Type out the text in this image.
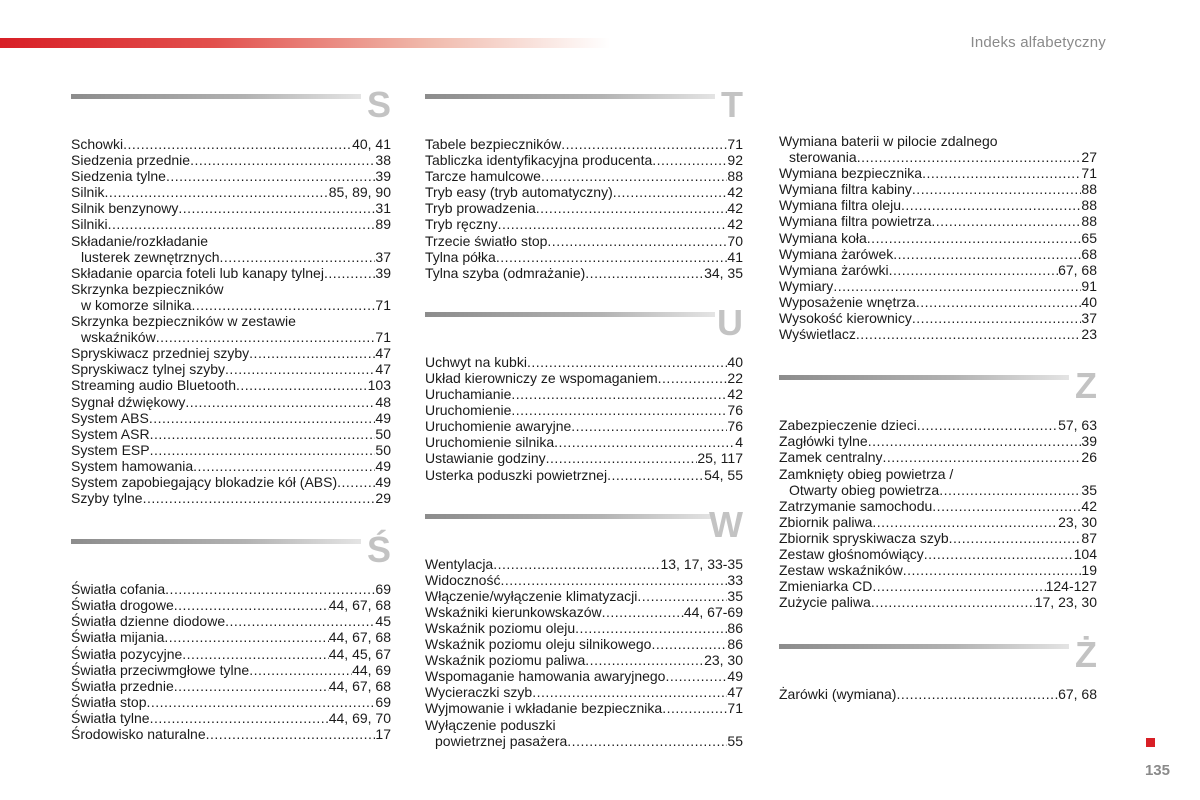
Indeks alfabetyczny
S
Schowki .....	40, 41
Siedzenia przednie .....	38
Siedzenia tylne .....	39
Silnik .....	85, 89, 90
Silnik benzynowy .....	31
Silniki .....	89
Składanie/rozkładanie
lusterek zewnętrznych .....	37
Składanie oparcia foteli lub kanapy tylnej .....	39
Skrzynka bezpieczników
w komorze silnika .....	71
Skrzynka bezpieczników w zestawie
wskaźników .....	71
Spryskiwacz przedniej szyby .....	47
Spryskiwacz tylnej szyby .....	47
Streaming audio Bluetooth .....	103
Sygnał dźwiękowy .....	48
System ABS .....	49
System ASR .....	50
System ESP .....	50
System hamowania .....	49
System zapobiegający blokadzie kół (ABS) .....	49
Szyby tylne .....	29
Ś
Światła cofania .....	69
Światła drogowe .....	44, 67, 68
Światła dzienne diodowe .....	45
Światła mijania .....	44, 67, 68
Światła pozycyjne .....	44, 45, 67
Światła przeciwmgłowe tylne .....	44, 69
Światła przednie .....	44, 67, 68
Światła stop .....	69
Światła tylne .....	44, 69, 70
Środowisko naturalne .....	17
T
Tabele bezpieczników .....	71
Tabliczka identyfikacyjna producenta .....	92
Tarcze hamulcowe .....	88
Tryb easy (tryb automatyczny) .....	42
Tryb prowadzenia .....	42
Tryb ręczny .....	42
Trzecie światło stop .....	70
Tylna półka .....	41
Tylna szyba (odmrażanie) .....	34, 35
U
Uchwyt na kubki .....	40
Układ kierowniczy ze wspomaganiem .....	22
Uruchamianie .....	42
Uruchomienie .....	76
Uruchomienie awaryjne .....	76
Uruchomienie silnika .....	4
Ustawianie godziny .....	25, 117
Usterka poduszki powietrznej .....	54, 55
W
Wentylacja .....	13, 17, 33-35
Widoczność .....	33
Włączenie/wyłączenie klimatyzacji .....	35
Wskaźniki kierunkowskazów .....	44, 67-69
Wskaźnik poziomu oleju .....	86
Wskaźnik poziomu oleju silnikowego .....	86
Wskaźnik poziomu paliwa .....	23, 30
Wspomaganie hamowania awaryjnego .....	49
Wycieraczki szyb .....	47
Wyjmowanie i wkładanie bezpiecznika .....	71
Wyłączenie poduszki
powietrznej pasażera .....	55
Wymiana baterii w pilocie zdalnego
sterowania .....	27
Wymiana bezpiecznika .....	71
Wymiana filtra kabiny .....	88
Wymiana filtra oleju .....	88
Wymiana filtra powietrza .....	88
Wymiana koła .....	65
Wymiana żarówek .....	68
Wymiana żarówki .....	67, 68
Wymiary .....	91
Wyposażenie wnętrza .....	40
Wysokość kierownicy .....	37
Wyświetlacz .....	23
Z
Zabezpieczenie dzieci .....	57, 63
Zagłówki tylne .....	39
Zamek centralny .....	26
Zamknięty obieg powietrza /
Otwarty obieg powietrza .....	35
Zatrzymanie samochodu .....	42
Zbiornik paliwa .....	23, 30
Zbiornik spryskiwacza szyb .....	87
Zestaw głośnomówiący .....	104
Zestaw wskaźników .....	19
Zmieniarka CD .....	124-127
Zużycie paliwa .....	17, 23, 30
Ż
Żarówki (wymiana) .....	67, 68
135
